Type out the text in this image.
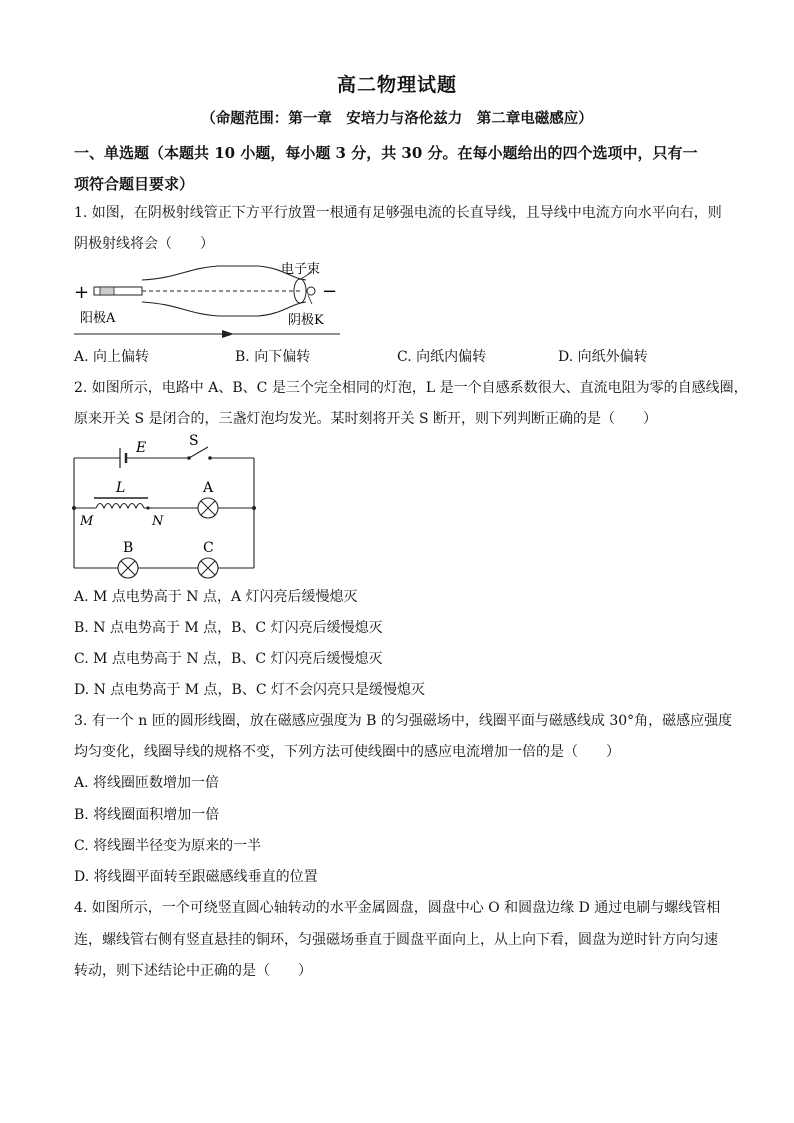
高二物理试题
（命题范围：第一章　安培力与洛伦兹力　第二章电磁感应）
一、单选题（本题共 10 小题，每小题 3 分，共 30 分。在每小题给出的四个选项中，只有一
项符合题目要求）
1. 如图，在阴极射线管正下方平行放置一根通有足够强电流的长直导线，且导线中电流方向水平向右，则
阴极射线将会（　　）
+	−
电子束
阳极A	阴极K
A. 向上偏转	B. 向下偏转	C. 向纸内偏转	D. 向纸外偏转
2. 如图所示，电路中 A、B、C 是三个完全相同的灯泡，L 是一个自感系数很大、直流电阻为零的自感线圈，
原来开关 S 是闭合的，三盏灯泡均发光。某时刻将开关 S 断开，则下列判断正确的是（　　）
E	S
L	A
M	N
B	C
A. M 点电势高于 N 点，A 灯闪亮后缓慢熄灭
B. N 点电势高于 M 点，B、C 灯闪亮后缓慢熄灭
C. M 点电势高于 N 点，B、C 灯闪亮后缓慢熄灭
D. N 点电势高于 M 点，B、C 灯不会闪亮只是缓慢熄灭
3. 有一个 n 匝的圆形线圈，放在磁感应强度为 B 的匀强磁场中，线圈平面与磁感线成 30°角，磁感应强度
均匀变化，线圈导线的规格不变，下列方法可使线圈中的感应电流增加一倍的是（　　）
A. 将线圈匝数增加一倍
B. 将线圈面积增加一倍
C. 将线圈半径变为原来的一半
D. 将线圈平面转至跟磁感线垂直的位置
4. 如图所示，一个可绕竖直圆心轴转动的水平金属圆盘，圆盘中心 O 和圆盘边缘 D 通过电刷与螺线管相
连，螺线管右侧有竖直悬挂的铜环，匀强磁场垂直于圆盘平面向上，从上向下看，圆盘为逆时针方向匀速
转动，则下述结论中正确的是（　　）
